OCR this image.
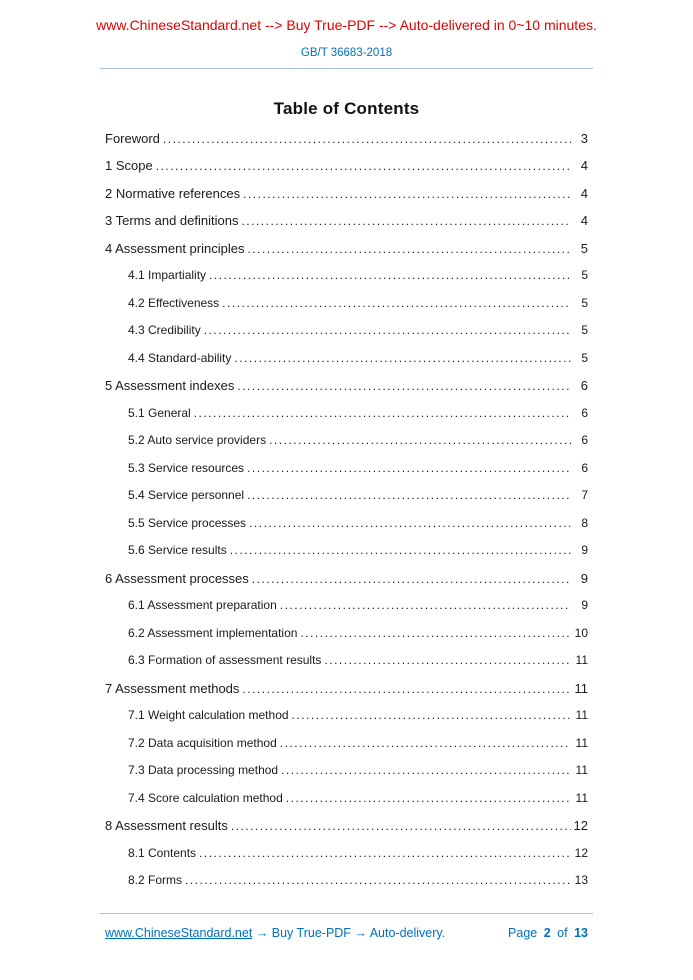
www.ChineseStandard.net --> Buy True-PDF --> Auto-delivered in 0~10 minutes.
GB/T 36683-2018
Table of Contents
Foreword .....	3
1 Scope .....	4
2 Normative references .....	4
3 Terms and definitions .....	4
4 Assessment principles .....	5
4.1 Impartiality .....	5
4.2 Effectiveness .....	5
4.3 Credibility .....	5
4.4 Standard-ability .....	5
5 Assessment indexes .....	6
5.1 General .....	6
5.2 Auto service providers .....	6
5.3 Service resources .....	6
5.4 Service personnel .....	7
5.5 Service processes .....	8
5.6 Service results .....	9
6 Assessment processes .....	9
6.1 Assessment preparation .....	9
6.2 Assessment implementation .....	10
6.3 Formation of assessment results .....	11
7 Assessment methods .....	11
7.1 Weight calculation method .....	11
7.2 Data acquisition method .....	11
7.3 Data processing method .....	11
7.4 Score calculation method .....	11
8 Assessment results .....	12
8.1 Contents .....	12
8.2 Forms .....	13
www.ChineseStandard.net → Buy True-PDF → Auto-delivery.	Page 2 of 13
